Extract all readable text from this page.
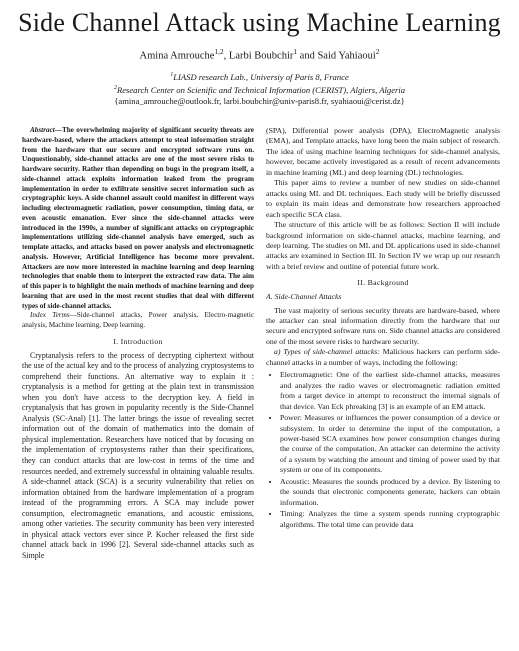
Side Channel Attack using Machine Learning
Amina Amrouche$^{1,2}$, Larbi Boubchir$^1$ and Said Yahiaoui$^2$
$^1$LIASD research Lab., Universiy of Paris 8, France
$^2$Research Center on Scienific and Technical Information (CERIST), Algiers, Algeria
{amina_amrouche@outlook.fr, larbi.boubchir@univ-paris8.fr, syahiaoui@cerist.dz}

Abstract—The overwhelming majority of significant security threats are hardware-based, where the attackers attempt to steal information straight from the hardware that our secure and encrypted software runs on. Unquestionably, side-channel attacks are one of the most severe risks to hardware security. Rather than depending on bugs in the program itself, a side-channel attack exploits information leaked from the program implementation in order to exfiltrate sensitive secret information such as cryptographic keys. A side channel assault could manifest in different ways including electromagnetic radiation, power consumption, timing data, or even acoustic emanation. Ever since the side-channel attacks were introduced in the 1990s, a number of significant attacks on cryptographic implementations utilizing side-channel analysis have emerged, such as template attacks, and attacks based on power analysis and electromagnetic analysis. However, Artificial Intelligence has become more prevalent. Attackers are now more interested in machine learning and deep learning technologies that enable them to interpret the extracted raw data. The aim of this paper is to highlight the main methods of machine learning and deep learning that are used in the most recent studies that deal with different types of side-channel attacks.

Index Terms—Side-channel attacks, Power analysis, Electro-magnetic analysis, Machine learning, Deep learning.

I. Introduction

Cryptanalysis refers to the process of decrypting ciphertext without the use of the actual key and to the process of analyzing cryptosystems to comprehend their functions. An alternative way to explain it : cryptanalysis is a method for getting at the plain text in transmission when you don't have access to the decryption key. A field in cryptanalysis that has grown in popularity recently is the Side-Channel Analysis (SC-Anal) [1]. The latter brings the issue of revealing secret information out of the domain of mathematics into the domain of physical implementation. Researchers have noticed that by focusing on the implementation of cryptosystems rather than their specifications, they can conduct attacks that are low-cost in terms of the time and resources needed, and extremely successful in obtaining valuable results. A side-channel attack (SCA) is a security vulnerability that relies on information obtained from the hardware implementation of a program instead of the programming errors. A SCA may include power consumption, electromagnetic emanations, and acoustic emissions, among other varieties. The security community has been very interested in physical attack vectors ever since P. Kocher released the first side channel attack back in 1996 [2]. Several side-channel attacks such as Simple

(SPA), Differential power analysis (DPA), ElectroMagnetic analysis (EMA), and Template attacks, have long been the main subject of research. The idea of using machine learning techniques for side-channel analysis, however, became actively investigated as a result of recent advancements in machine learning (ML) and deep learning (DL) technologies.

This paper aims to review a number of new studies on side-channel attacks using ML and DL techniques. Each study will be briefly discussed to explain its main ideas and demonstrate how researchers approached each specific SCA class.

The structure of this article will be as follows: Section II will include background information on side-channel attacks, machine learning, and deep learning. The studies on ML and DL applications used in side-channel attacks are examined in Section III. In Section IV we wrap up our research with a brief review and outline of potential future work.

II. Background
A. Side-Channel Attacks

The vast majority of serious security threats are hardware-based, where the attacker can steal information directly from the hardware that our secure and encrypted software runs on. Side channel attacks are considered one of the most severe risks to hardware security.

a) Types of side-channel attacks: Malicious hackers can perform side-channel attacks in a number of ways, including the following:

• Electromagnetic: One of the earliest side-channel attacks, measures and analyzes the radio waves or electromagnetic radiation emitted from a target device in attempt to reconstruct the internal signals of that device. Van Eck phreaking [3] is an example of an EM attack.
• Power: Measures or influences the power consumption of a device or subsystem. In order to determine the input of the computation, a power-based SCA examines how power consumption changes during the course of the computation. An attacker can determine the activity of a system by watching the amount and timing of power used by that system or one of its components.
• Acoustic: Measures the sounds produced by a device. By listening to the sounds that electronic components generate, hackers can obtain information.
• Timing: Analyzes the time a system spends running cryptographic algorithms. The total time can provide data
